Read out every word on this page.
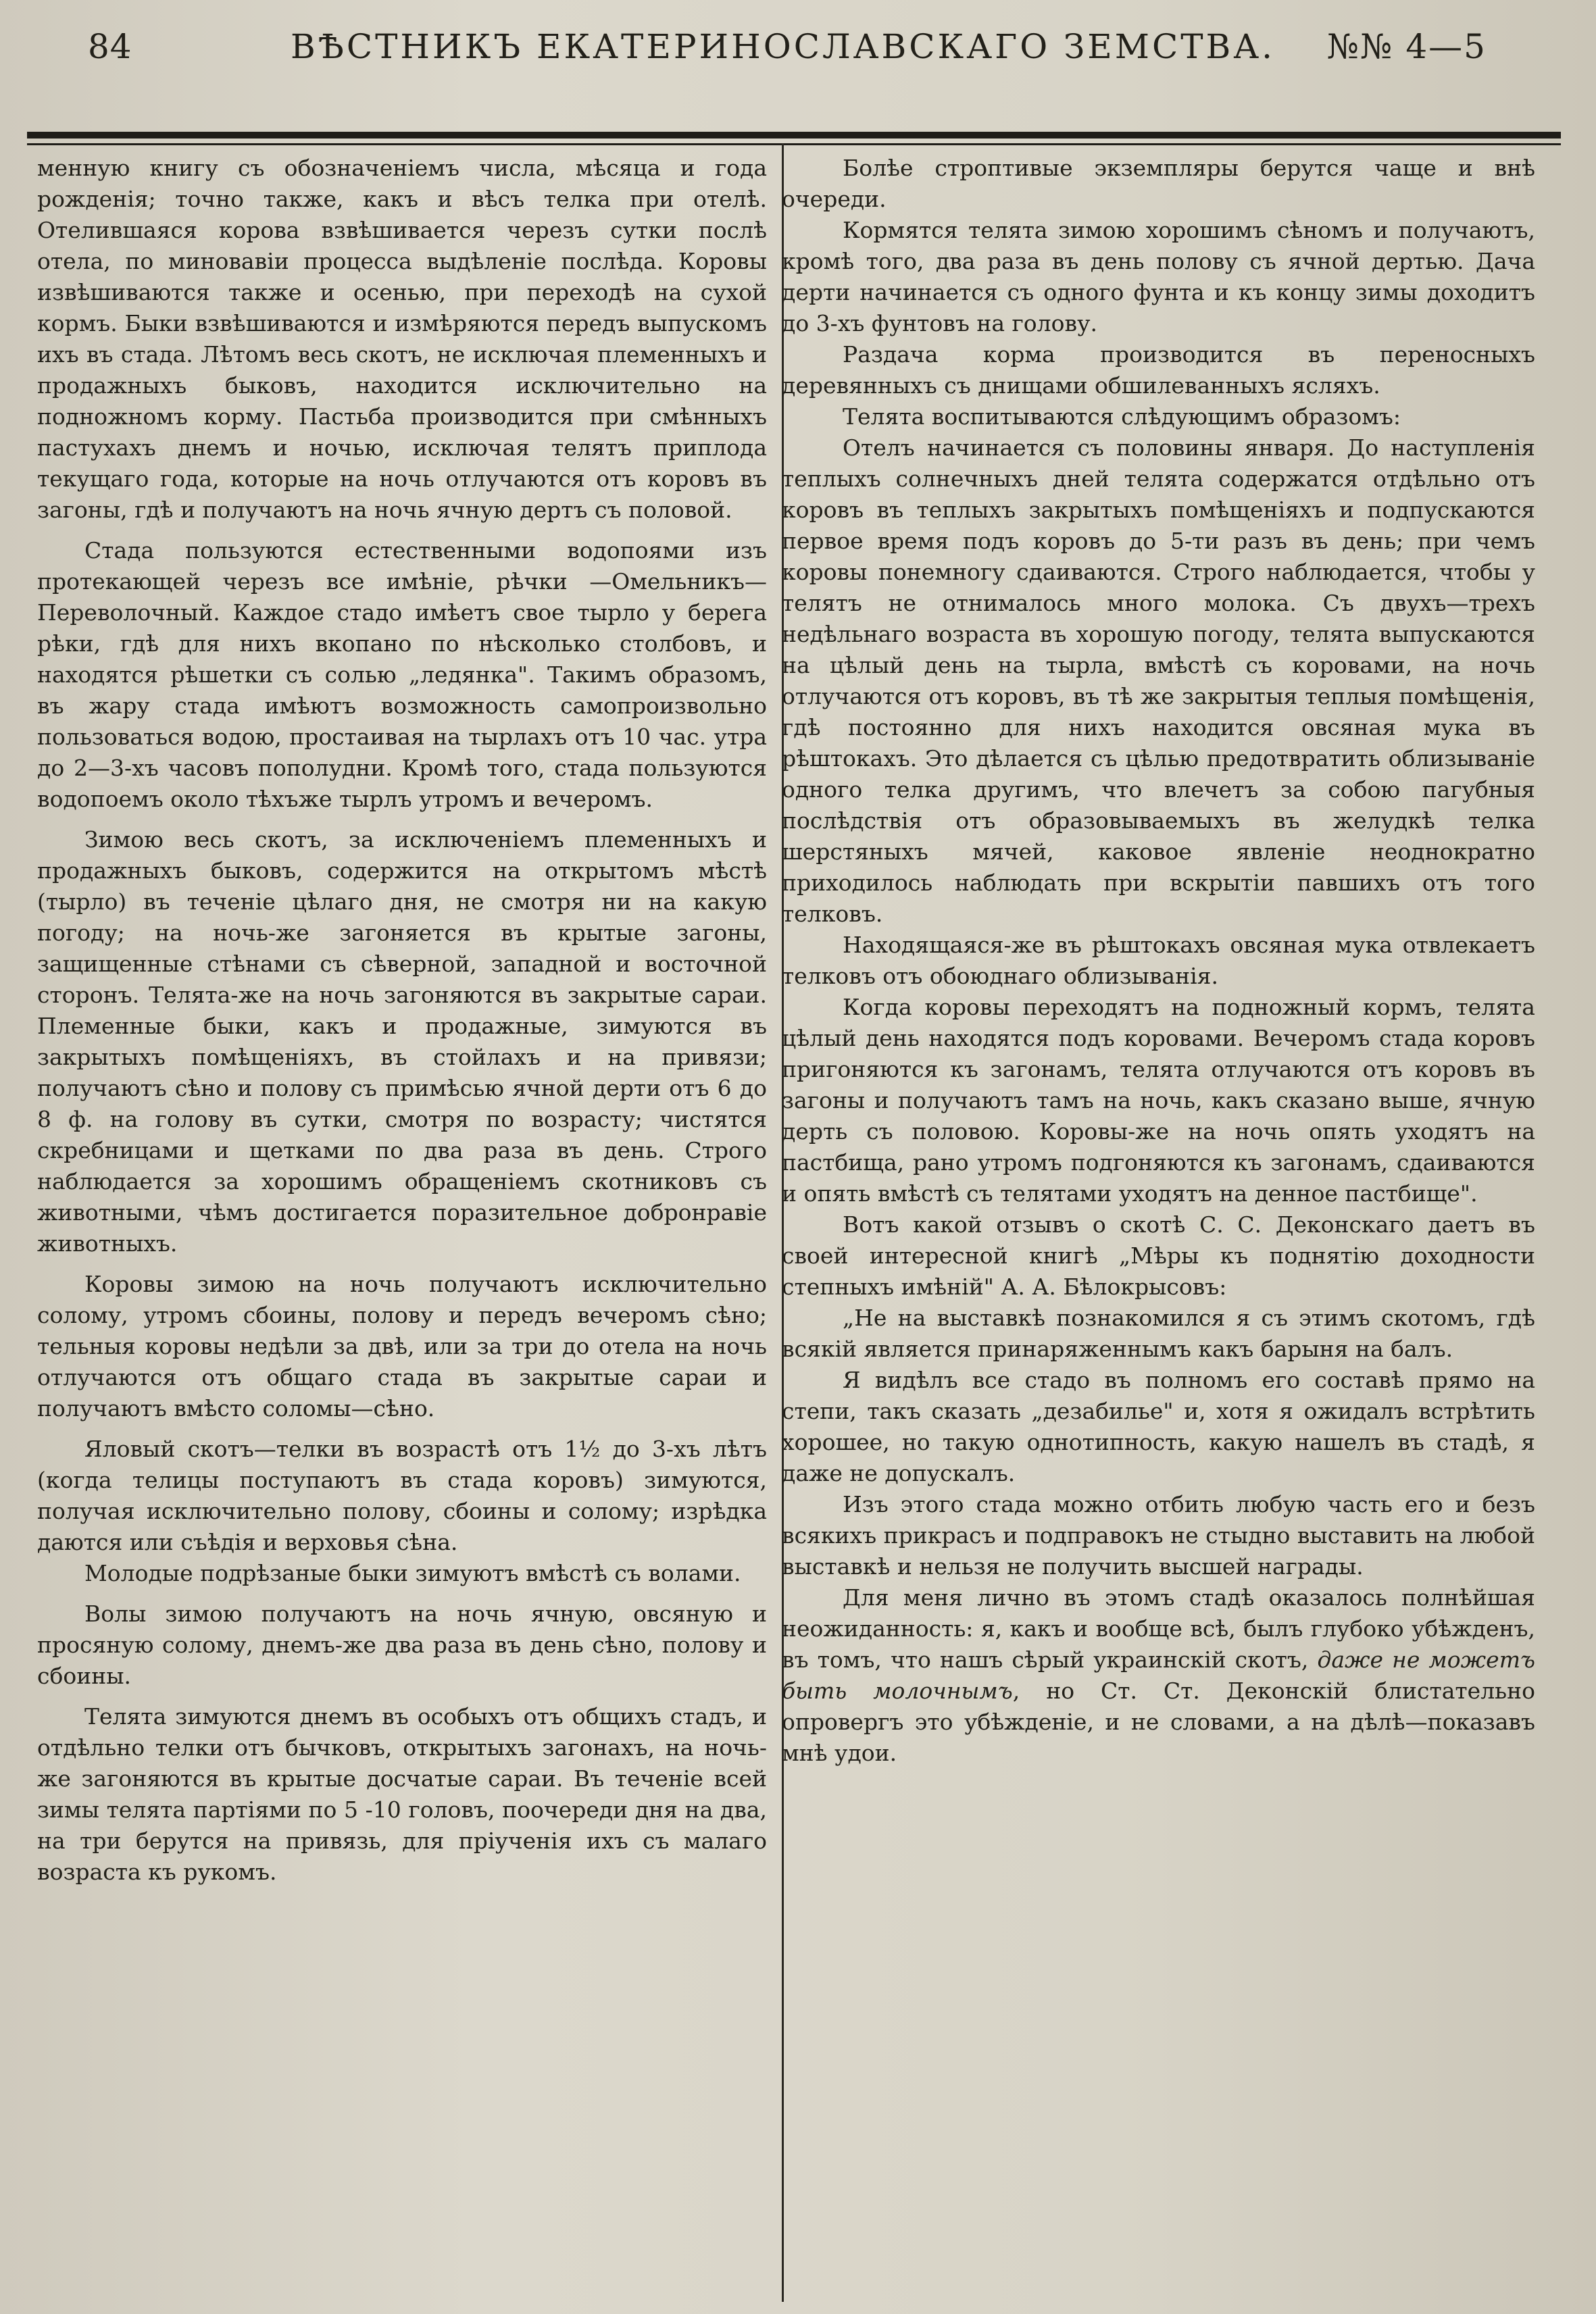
84	ВѢСТНИКЪ ЕКАТЕРИНОСЛАВСКАГО ЗЕМСТВА. №№ 4—5

менную книгу съ обозначеніемъ числа, мѣсяца и года рожденія; точно также, какъ и вѣсъ телка при отелѣ. Отелившаяся корова взвѣшивается черезъ сутки послѣ отела, по миновавіи процесса выдѣленіе послѣда. Коровы извѣшиваются также и осенью, при переходѣ на сухой кормъ. Быки взвѣшиваются и измѣряются передъ выпускомъ ихъ въ стада. Лѣтомъ весь скотъ, не исключая племенныхъ и продажныхъ быковъ, находится исключительно на подножномъ корму. Пастьба производится при смѣнныхъ пастухахъ днемъ и ночью, исключая телятъ приплода текущаго года, которые на ночь отлучаются отъ коровъ въ загоны, гдѣ и получаютъ на ночь ячную дертъ съ половой.

Стада пользуются естественными водопоями изъ протекающей черезъ все имѣніе, рѣчки —Омельникъ—Переволочный. Каждое стадо имѣетъ свое тырло у берега рѣки, гдѣ для нихъ вкопано по нѣсколько столбовъ, и находятся рѣшетки съ солью „лeдянка". Такимъ образомъ, въ жару стада имѣютъ возможность самопроизвольно пользоваться водою, простаивая на тырлахъ отъ 10 час. утра до 2—3-хъ часовъ пополудни. Кромѣ того, стада пользуются водопоемъ около тѣхъже тырлъ утромъ и вечеромъ.

Зимою весь скотъ, за исключеніемъ племенныхъ и продажныхъ быковъ, содержится на открытомъ мѣстѣ (тырло) въ теченіе цѣлаго дня, не смотря ни на какую погоду; на ночь-же загоняется въ крытые загоны, защищенные стѣнами съ сѣверной, западной и восточной сторонъ. Телята-же на ночь загоняются въ закрытые сараи. Племенные быки, какъ и продажные, зимуются въ закрытыхъ помѣщеніяхъ, въ стойлахъ и на привязи; получаютъ сѣно и полову съ примѣсью ячной дерти отъ 6 до 8 ф. на голову въ сутки, смотря по возрасту; чистятся скребницами и щетками по два раза въ день. Строго наблюдается за хорошимъ обращеніемъ скотниковъ съ животными, чѣмъ достигается поразительное добронравіе животныхъ.

Коровы зимою на ночь получаютъ исключительно солому, утромъ сбоины, полову и передъ вечеромъ сѣно; тельныя коровы недѣли за двѣ, или за три до отела на ночь отлучаются отъ общаго стада въ закрытые сараи и получаютъ вмѣсто соломы—сѣно.

Яловый скотъ—телки въ возрастѣ отъ 1½ до 3-хъ лѣтъ (когда телицы поступаютъ въ стада коровъ) зимуются, получая исключительно полову, сбоины и солому; изрѣдка даются или съѣдія и верховья сѣна.

Молодые подрѣзаные быки зимуютъ вмѣстѣ съ волами.

Волы зимою получаютъ на ночь ячную, овсяную и просяную солому, днемъ-же два раза въ день сѣно, полову и сбоины.

Телята зимуются днемъ въ особыхъ отъ общихъ стадъ, и отдѣльно телки отъ бычковъ, открытыхъ загонахъ, на ночь-же загоняются въ крытые досчатые сараи. Въ теченіе всей зимы телята партіями по 5 -10 головъ, поочереди дня на два, на три берутся на привязь, для пріученія ихъ съ малаго возраста къ рукомъ.

Болѣе строптивые экземпляры берутся чаще и внѣ очереди.

Кормятся телята зимою хорошимъ сѣномъ и получаютъ, кромѣ того, два раза въ день полову съ ячной дертью. Дача дерти начинается съ одного фунта и къ концу зимы доходитъ до 3-хъ фунтовъ на голову.

Раздача корма производится въ переносныхъ деревянныхъ съ днищами обшилеванныхъ ясляхъ.

Телята воспитываются слѣдующимъ образомъ:

Отелъ начинается съ половины января. До наступленія теплыхъ солнечныхъ дней телята содержатся отдѣльно отъ коровъ въ теплыхъ закрытыхъ помѣщеніяхъ и подпускаются первое время подъ коровъ до 5-ти разъ въ день; при чемъ коровы понемногу сдаиваются. Строго наблюдается, чтобы у телятъ не отнималось много молока. Съ двухъ—трехъ недѣльнаго возраста въ хорошую погоду, телята выпускаются на цѣлый день на тырла, вмѣстѣ съ коровами, на ночь отлучаются отъ коровъ, въ тѣ же закрытыя теплыя помѣщенія, гдѣ постоянно для нихъ находится овсяная мука въ рѣштокахъ. Это дѣлается съ цѣлью предотвратить облизываніе одного телка другимъ, что влечетъ за собою пагубныя послѣдствія отъ образовываемыхъ въ желудкѣ телка шерстяныхъ мячей, каковое явленіе неоднократно приходилось наблюдать при вскрытіи павшихъ отъ того телковъ.

Находящаяся-же въ рѣштокахъ овсяная мука отвлекаетъ телковъ отъ обоюднаго облизыванія.

Когда коровы переходятъ на подножный кормъ, телята цѣлый день находятся подъ коровами. Вечеромъ стада коровъ пригоняются къ загонамъ, телята отлучаются отъ коровъ въ загоны и получаютъ тамъ на ночь, какъ сказано выше, ячную дерть съ половою. Коровы-же на ночь опять уходятъ на пастбища, рано утромъ подгоняются къ загонамъ, сдаиваются и опять вмѣстѣ съ телятами уходятъ на денное пастбище".

Вотъ какой отзывъ о скотѣ С. С. Деконскаго даетъ въ своей интересной книгѣ „Мѣры къ поднятію доходности степныхъ имѣній" А. А. Бѣлокрысовъ:

„Не на выставкѣ познакомился я съ этимъ скотомъ, гдѣ всякій является принаряженнымъ какъ барыня на балъ.

Я видѣлъ все стадо въ полномъ его составѣ прямо на степи, такъ сказать „дезабилье" и, хотя я ожидалъ встрѣтить хорошее, но такую однотипность, какую нашелъ въ стадѣ, я даже не допускалъ.

Изъ этого стада можно отбить любую часть его и безъ всякихъ прикрасъ и подправокъ не стыдно выставить на любой выставкѣ и нельзя не получить высшей награды.

Для меня лично въ этомъ стадѣ оказалось полнѣйшая неожиданность: я, какъ и вообще всѣ, былъ глубоко убѣжденъ, въ томъ, что нашъ сѣрый украинскій скотъ, даже не можетъ быть молочнымъ, но Ст. Ст. Деконскій блистательно опровергъ это убѣжденіе, и не словами, а на дѣлѣ—показавъ мнѣ удои.
